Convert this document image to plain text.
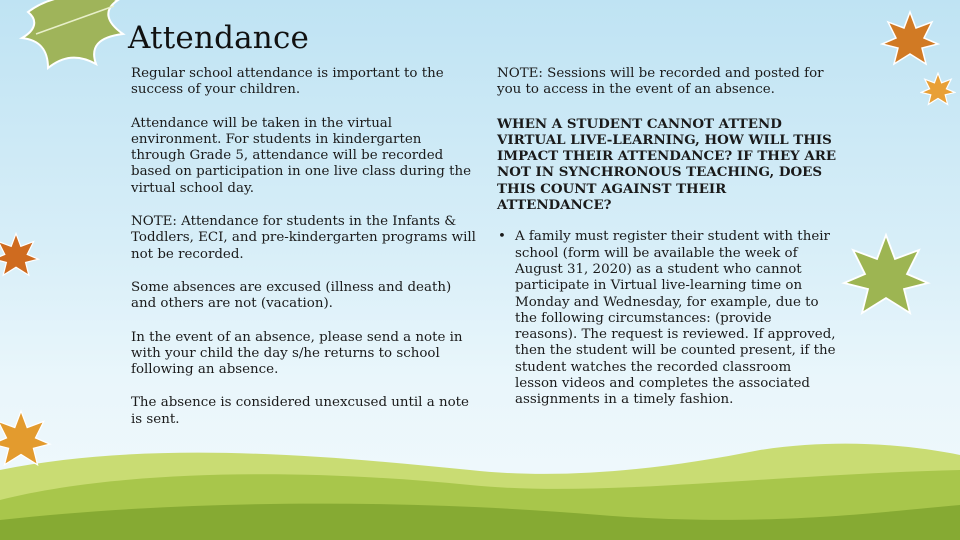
Attendance

Regular school attendance is important to the success of your children.

Attendance will be taken in the virtual environment. For students in kindergarten through Grade 5, attendance will be recorded based on participation in one live class during the virtual school day.

NOTE: Attendance for students in the Infants & Toddlers, ECI, and pre-kindergarten programs will not be recorded.

Some absences are excused (illness and death) and others are not (vacation).

In the event of an absence, please send a note in with your child the day s/he returns to school following an absence.

The absence is considered unexcused until a note is sent.

NOTE: Sessions will be recorded and posted for you to access in the event of an absence.

WHEN A STUDENT CANNOT ATTEND VIRTUAL LIVE-LEARNING, HOW WILL THIS IMPACT THEIR ATTENDANCE? IF THEY ARE NOT IN SYNCHRONOUS TEACHING, DOES THIS COUNT AGAINST THEIR ATTENDANCE?

• A family must register their student with their school (form will be available the week of August 31, 2020) as a student who cannot participate in Virtual live-learning time on Monday and Wednesday, for example, due to the following circumstances: (provide reasons). The request is reviewed. If approved, then the student will be counted present, if the student watches the recorded classroom lesson videos and completes the associated assignments in a timely fashion.
